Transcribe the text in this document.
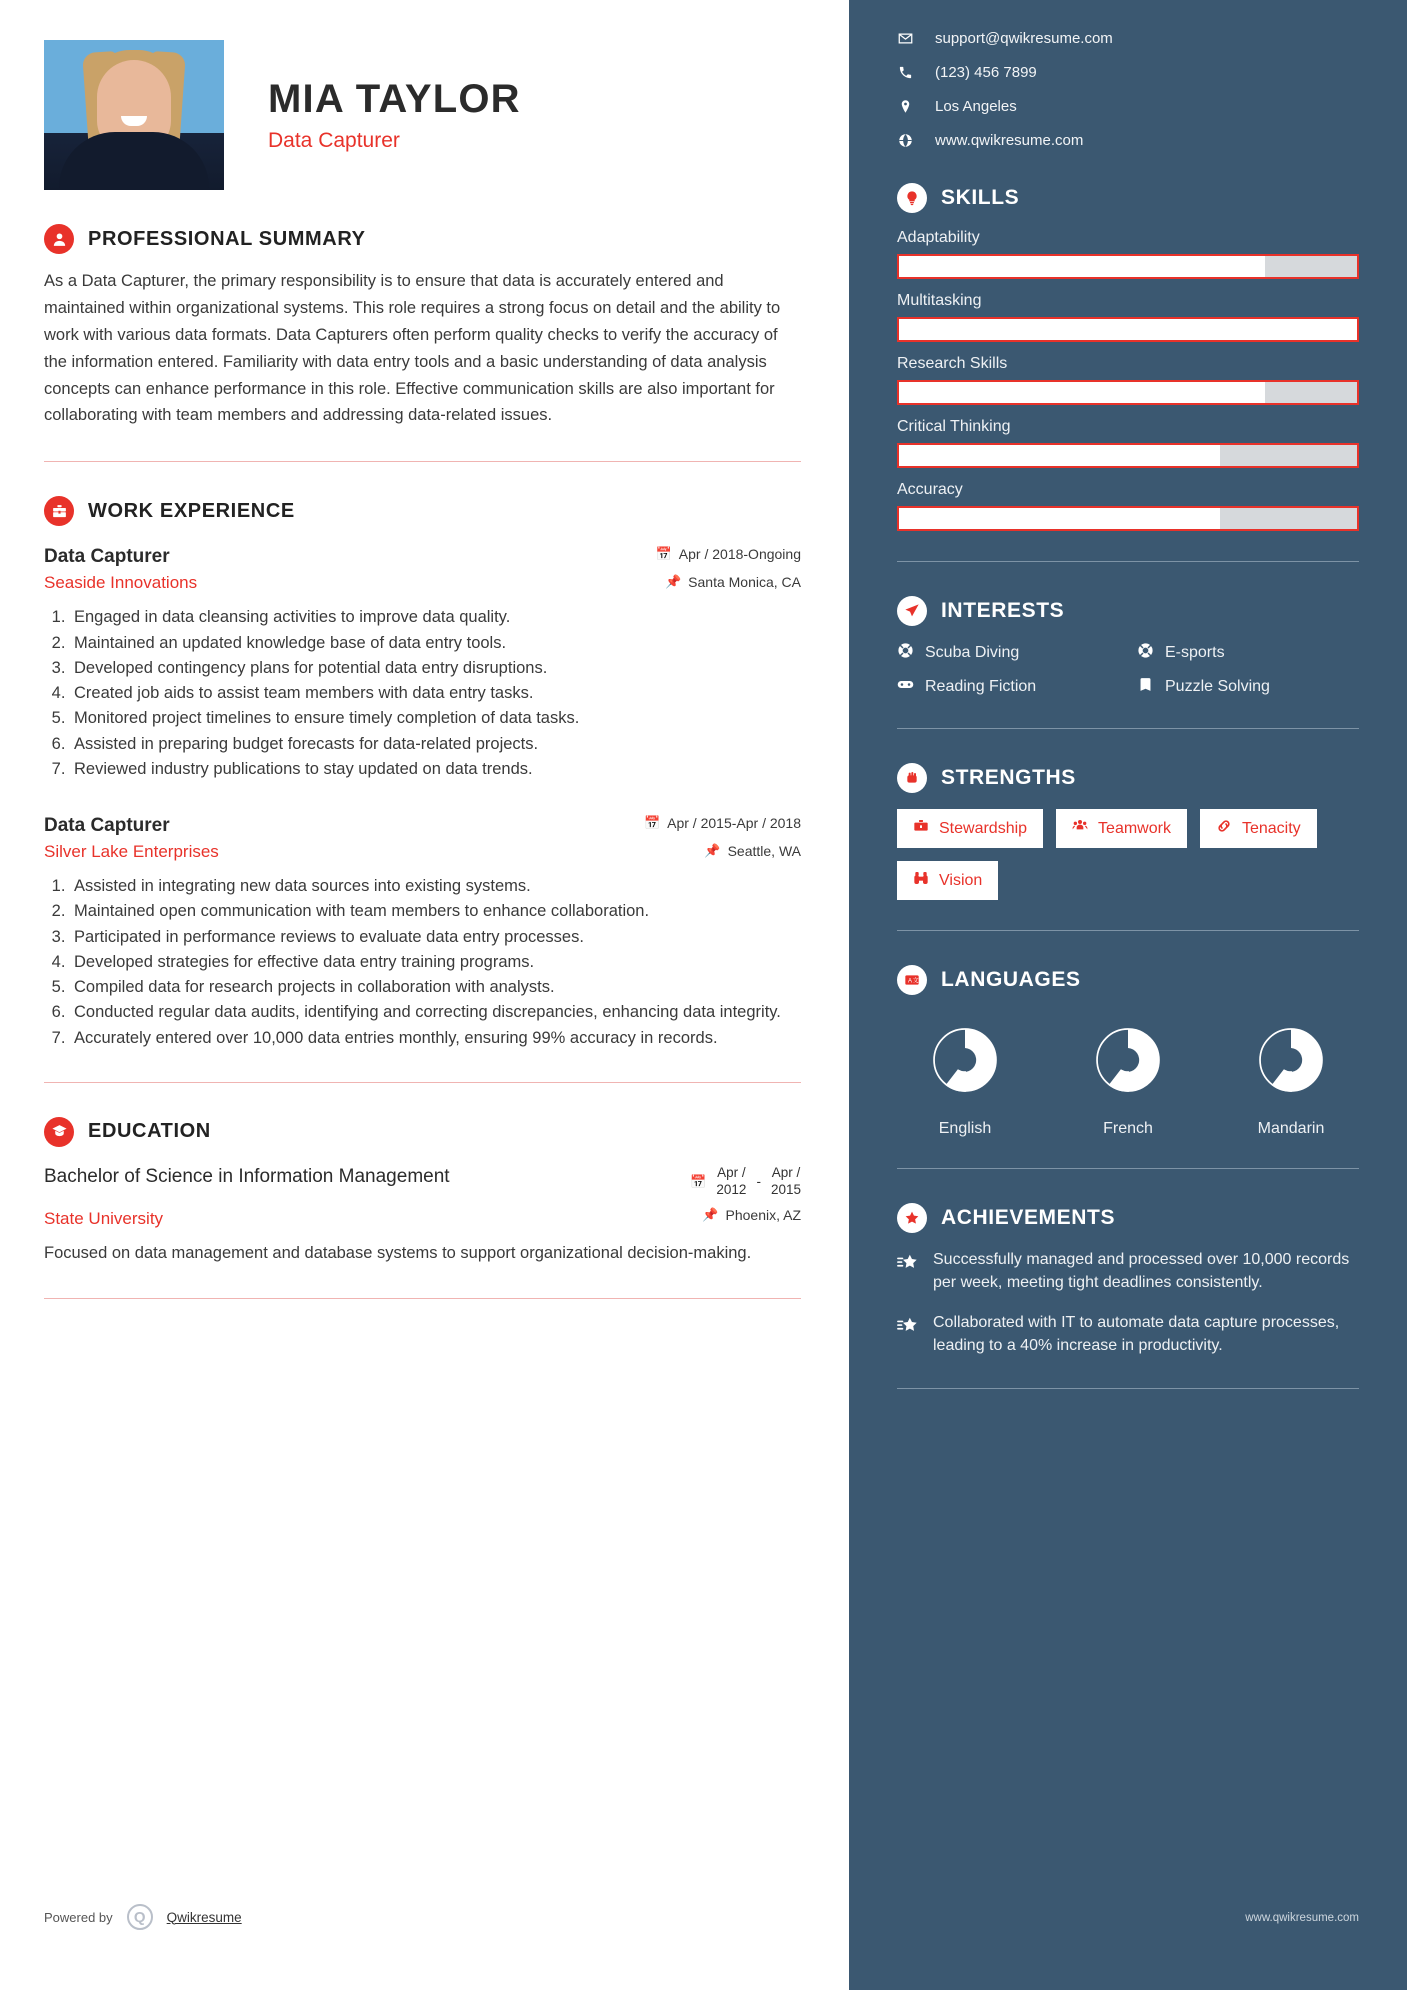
MIA TAYLOR
Data Capturer
PROFESSIONAL SUMMARY
As a Data Capturer, the primary responsibility is to ensure that data is accurately entered and maintained within organizational systems. This role requires a strong focus on detail and the ability to work with various data formats. Data Capturers often perform quality checks to verify the accuracy of the information entered. Familiarity with data entry tools and a basic understanding of data analysis concepts can enhance performance in this role. Effective communication skills are also important for collaborating with team members and addressing data-related issues.
WORK EXPERIENCE
Data Capturer	📅 Apr / 2018-Ongoing
Seaside Innovations	📌 Santa Monica, CA
1. Engaged in data cleansing activities to improve data quality.
2. Maintained an updated knowledge base of data entry tools.
3. Developed contingency plans for potential data entry disruptions.
4. Created job aids to assist team members with data entry tasks.
5. Monitored project timelines to ensure timely completion of data tasks.
6. Assisted in preparing budget forecasts for data-related projects.
7. Reviewed industry publications to stay updated on data trends.
Data Capturer	📅 Apr / 2015-Apr / 2018
Silver Lake Enterprises	📌 Seattle, WA
1. Assisted in integrating new data sources into existing systems.
2. Maintained open communication with team members to enhance collaboration.
3. Participated in performance reviews to evaluate data entry processes.
4. Developed strategies for effective data entry training programs.
5. Compiled data for research projects in collaboration with analysts.
6. Conducted regular data audits, identifying and correcting discrepancies, enhancing data integrity.
7. Accurately entered over 10,000 data entries monthly, ensuring 99% accuracy in records.
EDUCATION
Bachelor of Science in Information Management	📅
Apr /
2012 -
Apr /
2015
State University	📌 Phoenix, AZ
Focused on data management and database systems to support organizational decision-making.
Powered by	Q	Qwikresume
support@qwikresume.com
(123) 456 7899
Los Angeles
www.qwikresume.com
SKILLS
Adaptability
Multitasking
Research Skills
Critical Thinking
Accuracy
INTERESTS
Scuba Diving	E-sports
Reading Fiction	Puzzle Solving
STRENGTHS
Stewardship	Teamwork	Tenacity
Vision
A 文 LANGUAGES
English	French	Mandarin
ACHIEVEMENTS
Successfully managed and processed over 10,000 records per week, meeting tight deadlines consistently.
Collaborated with IT to automate data capture processes, leading to a 40% increase in productivity.
www.qwikresume.com
